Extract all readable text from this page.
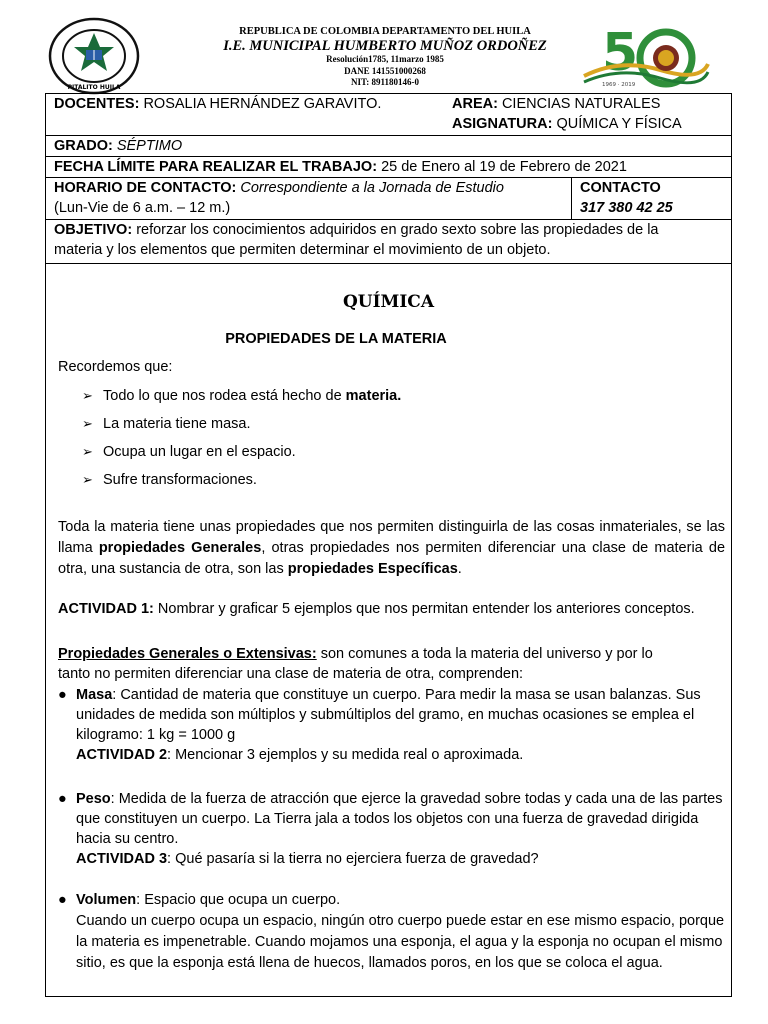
PITALITO HUILA
REPUBLICA DE COLOMBIA DEPARTAMENTO DEL HUILA
I.E. MUNICIPAL HUMBERTO MUÑOZ ORDOÑEZ
Resolución1785, 11marzo 1985
DANE 141551000268
NIT: 891180146-0	5
1969 · 2019
DOCENTES: ROSALIA HERNÁNDEZ GARAVITO.	AREA: CIENCIAS NATURALES
ASIGNATURA: QUÍMICA Y FÍSICA
GRADO: SÉPTIMO
FECHA LÍMITE PARA REALIZAR EL TRABAJO: 25 de Enero al 19 de Febrero de 2021
HORARIO DE CONTACTO: Correspondiente a la Jornada de Estudio
(Lun-Vie de 6 a.m. – 12 m.)
CONTACTO
317 380 42 25
OBJETIVO: reforzar los conocimientos adquiridos en grado sexto sobre las propiedades de la
materia y los elementos que permiten determinar el movimiento de un objeto.
QUÍMICA
PROPIEDADES DE LA MATERIA
Recordemos que:
➢ Todo lo que nos rodea está hecho de materia.
➢ La materia tiene masa.
➢ Ocupa un lugar en el espacio.
➢ Sufre transformaciones.
Toda la materia tiene unas propiedades que nos permiten distinguirla de las cosas inmateriales, se las llama propiedades Generales, otras propiedades nos permiten diferenciar una clase de materia de otra, una sustancia de otra, son las propiedades Específicas.
ACTIVIDAD 1: Nombrar y graficar 5 ejemplos que nos permitan entender los anteriores conceptos.
Propiedades Generales o Extensivas: son comunes a toda la materia del universo y por lo
tanto no permiten diferenciar una clase de materia de otra, comprenden:
● Masa: Cantidad de materia que constituye un cuerpo. Para medir la masa se usan balanzas. Sus unidades de medida son múltiplos y submúltiplos del gramo, en muchas ocasiones se emplea el kilogramo: 1 kg = 1000 g
ACTIVIDAD 2: Mencionar 3 ejemplos y su medida real o aproximada.
● Peso: Medida de la fuerza de atracción que ejerce la gravedad sobre todas y cada una de las partes que constituyen un cuerpo. La Tierra jala a todos los objetos con una fuerza de gravedad dirigida hacia su centro.
ACTIVIDAD 3: Qué pasaría si la tierra no ejerciera fuerza de gravedad?
● Volumen: Espacio que ocupa un cuerpo.
Cuando un cuerpo ocupa un espacio, ningún otro cuerpo puede estar en ese mismo espacio, porque la materia es impenetrable. Cuando mojamos una esponja, el agua y la esponja no ocupan el mismo sitio, es que la esponja está llena de huecos, llamados poros, en los que se coloca el agua.
